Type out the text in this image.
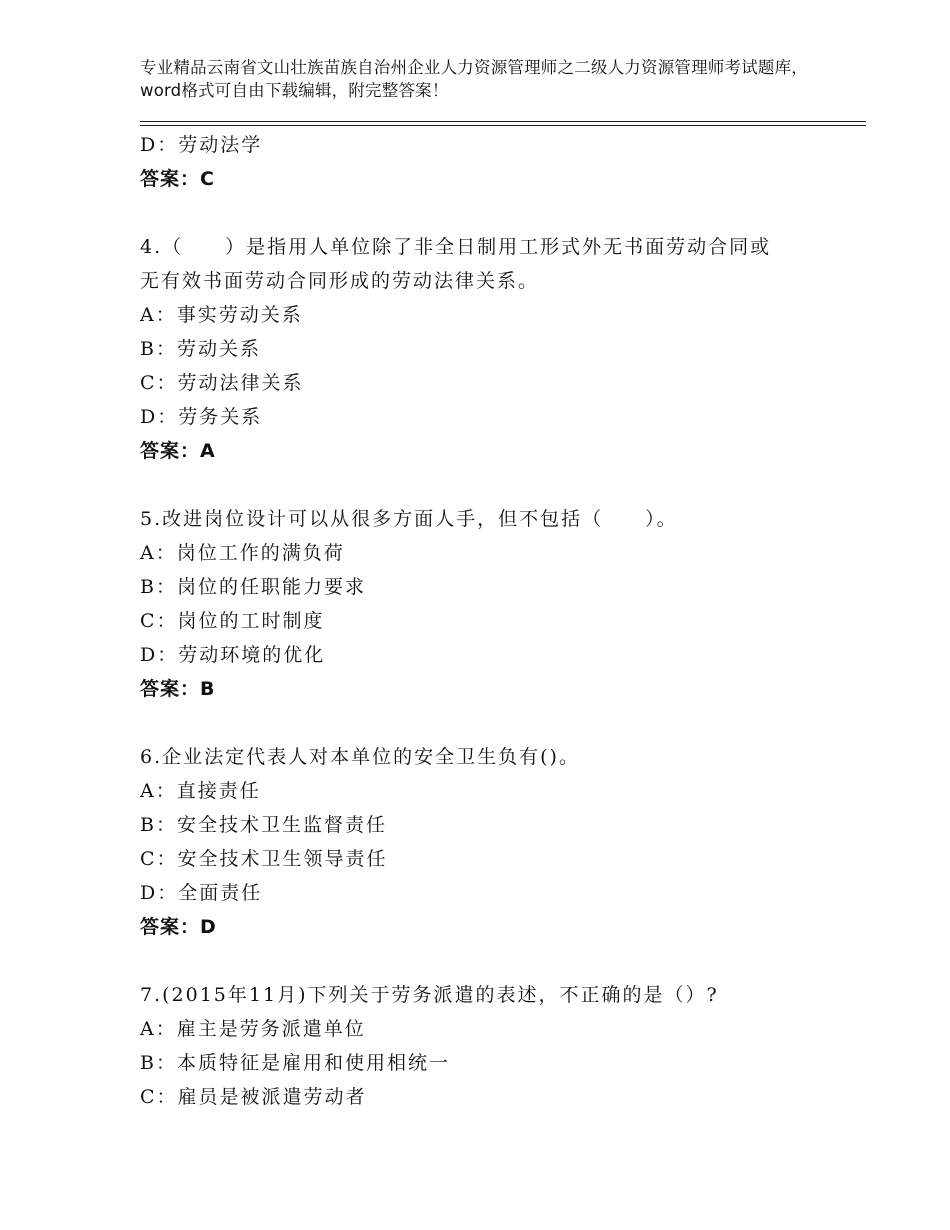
专业精品云南省文山壮族苗族自治州企业人力资源管理师之二级人力资源管理师考试题库，word格式可自由下载编辑，附完整答案！
D：劳动法学
答案：C
4.（　　）是指用人单位除了非全日制用工形式外无书面劳动合同或
无有效书面劳动合同形成的劳动法律关系。
A：事实劳动关系
B：劳动关系
C：劳动法律关系
D：劳务关系
答案：A
5.改进岗位设计可以从很多方面人手，但不包括（　　）。
A：岗位工作的满负荷
B：岗位的任职能力要求
C：岗位的工时制度
D：劳动环境的优化
答案：B
6.企业法定代表人对本单位的安全卫生负有()。
A：直接责任
B：安全技术卫生监督责任
C：安全技术卫生领导责任
D：全面责任
答案：D
7.(2015年11月)下列关于劳务派遣的表述，不正确的是（）?
A：雇主是劳务派遣单位
B：本质特征是雇用和使用相统一
C：雇员是被派遣劳动者
